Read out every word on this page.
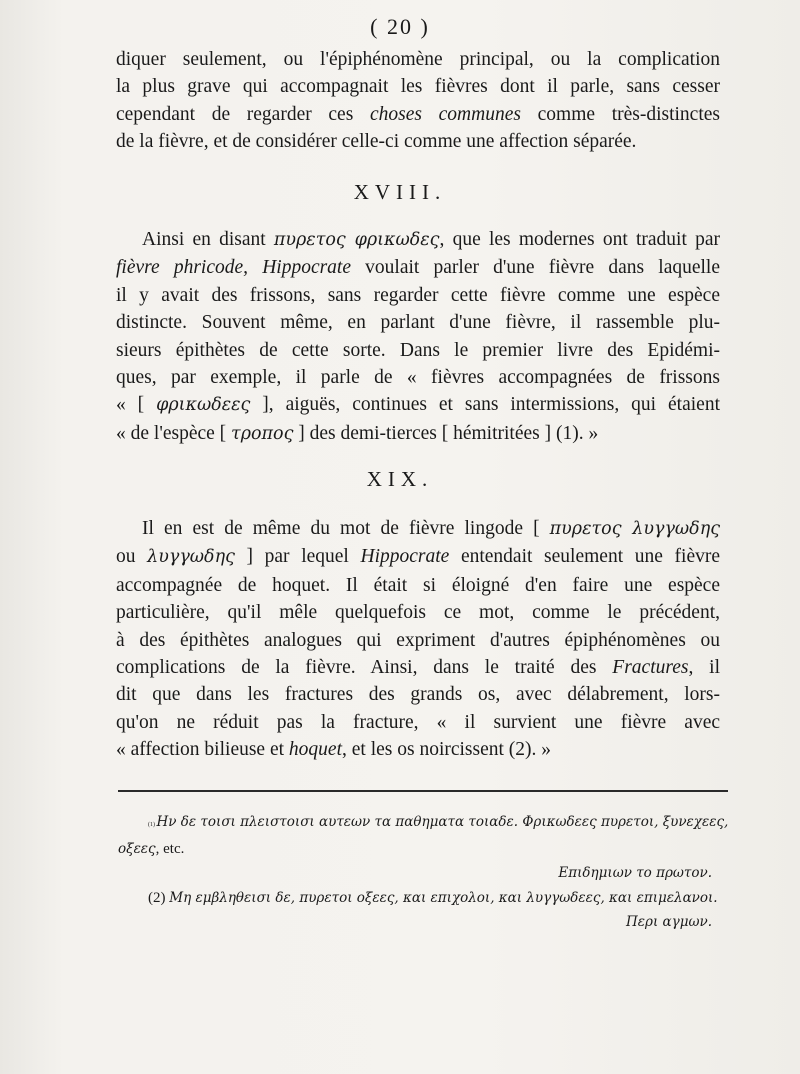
( 20 )
diquer seulement, ou l'épiphénomène principal, ou la complication
la plus grave qui accompagnait les fièvres dont il parle, sans cesser
cependant de regarder ces choses communes comme très-distinctes
de la fièvre, et de considérer celle-ci comme une affection séparée.
XVIII.
Ainsi en disant πυρετος φρικωδες, que les modernes ont traduit par
fièvre phricode, Hippocrate voulait parler d'une fièvre dans laquelle
il y avait des frissons, sans regarder cette fièvre comme une espèce
distincte. Souvent même, en parlant d'une fièvre, il rassemble plu-
sieurs épithètes de cette sorte. Dans le premier livre des Epidémi-
ques, par exemple, il parle de « fièvres accompagnées de frissons
« [ φρικωδεες ], aiguës, continues et sans intermissions, qui étaient
« de l'espèce [ τροπος ] des demi-tierces [ hémitritées ] (1). »
XIX.
Il en est de même du mot de fièvre lingode [ πυρετος λυγγωδης
ou λυγγωδης ] par lequel Hippocrate entendait seulement une fièvre
accompagnée de hoquet. Il était si éloigné d'en faire une espèce
particulière, qu'il mêle quelquefois ce mot, comme le précédent,
à des épithètes analogues qui expriment d'autres épiphénomènes ou
complications de la fièvre. Ainsi, dans le traité des Fractures, il
dit que dans les fractures des grands os, avec délabrement, lors-
qu'on ne réduit pas la fracture, « il survient une fièvre avec
« affection bilieuse et hoquet, et les os noircissent (2). »
(1) Ην δε τοισι πλειστοισι αυτεων τα παθηματα τοιαδε. Φρικωδεες πυρετοι, ξυνεχεες,
οξεες, etc.
Επιδημιων το πρωτον.
(2) Μη εμβληθεισι δε, πυρετοι οξεες, και επιχολοι, και λυγγωδεες, και επιμελανοι.
Περι αγμων.
